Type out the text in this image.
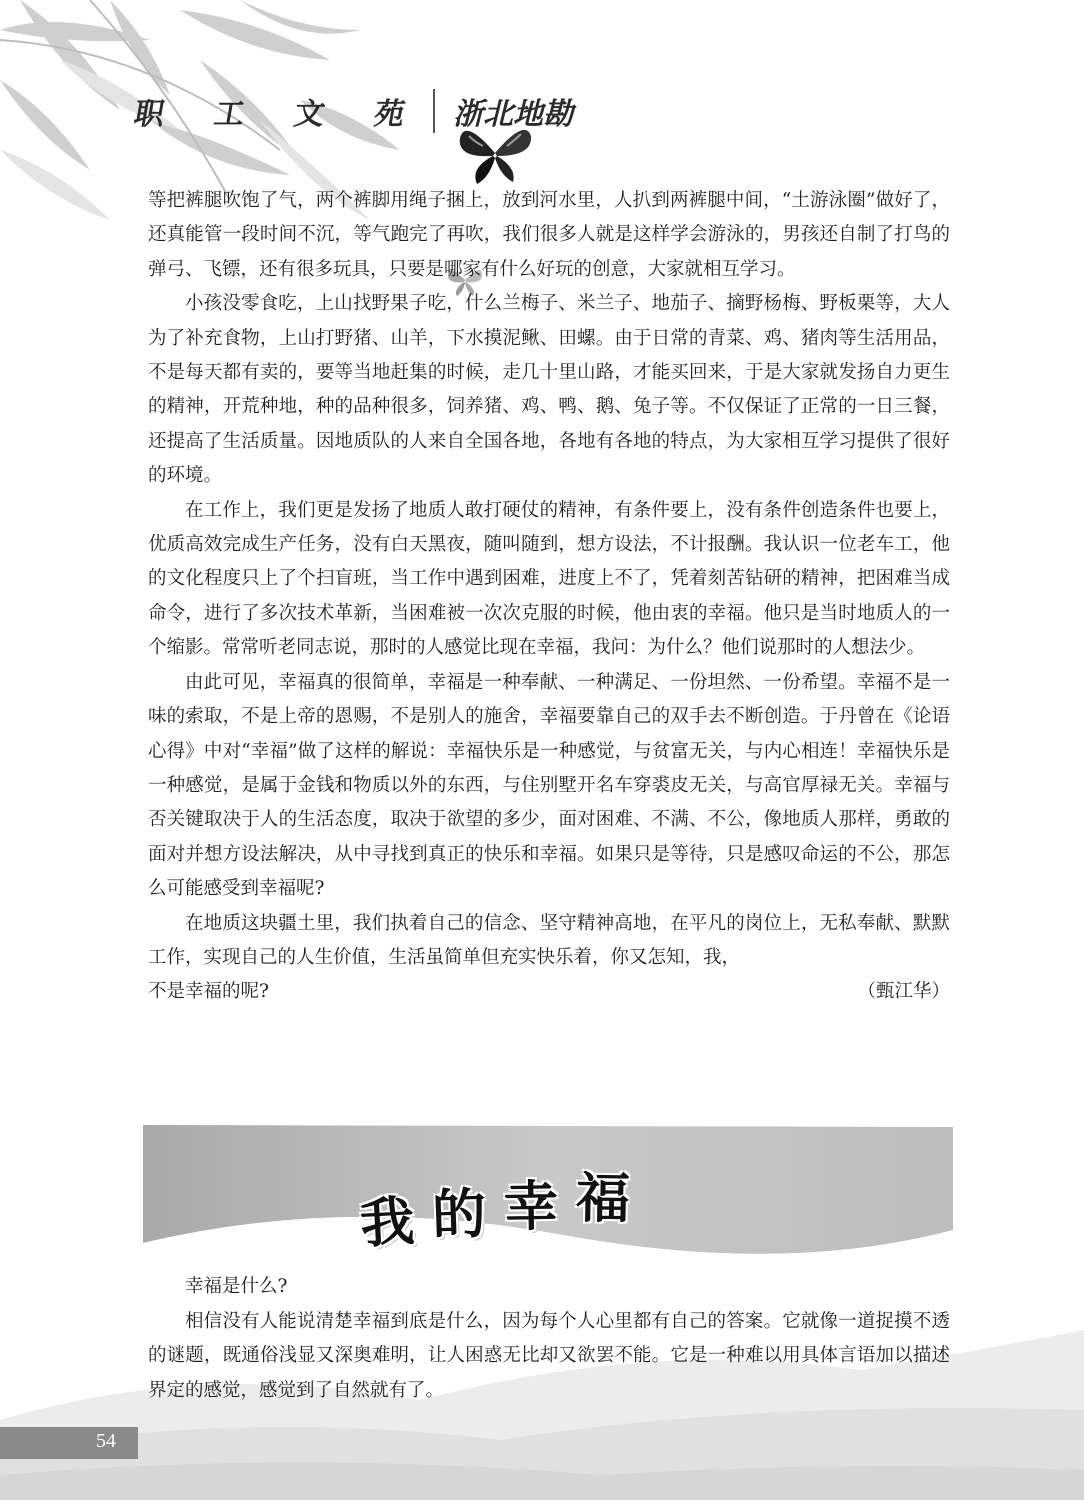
职 工 文 苑 浙北地勘

等把裤腿吹饱了气，两个裤脚用绳子捆上，放到河水里，人扒到两裤腿中间，“土游泳圈”做好了，还真能管一段时间不沉，等气跑完了再吹，我们很多人就是这样学会游泳的，男孩还自制了打鸟的弹弓、飞镖，还有很多玩具，只要是哪家有什么好玩的创意，大家就相互学习。

小孩没零食吃，上山找野果子吃，什么兰梅子、米兰子、地茄子、摘野杨梅、野板栗等，大人为了补充食物，上山打野猪、山羊，下水摸泥鳅、田螺。由于日常的青菜、鸡、猪肉等生活用品，不是每天都有卖的，要等当地赶集的时候，走几十里山路，才能买回来，于是大家就发扬自力更生的精神，开荒种地，种的品种很多，饲养猪、鸡、鸭、鹅、兔子等。不仅保证了正常的一日三餐，还提高了生活质量。因地质队的人来自全国各地，各地有各地的特点，为大家相互学习提供了很好的环境。

在工作上，我们更是发扬了地质人敢打硬仗的精神，有条件要上，没有条件创造条件也要上，优质高效完成生产任务，没有白天黑夜，随叫随到，想方设法，不计报酬。我认识一位老车工，他的文化程度只上了个扫盲班，当工作中遇到困难，进度上不了，凭着刻苦钻研的精神，把困难当成命令，进行了多次技术革新，当困难被一次次克服的时候，他由衷的幸福。他只是当时地质人的一个缩影。常常听老同志说，那时的人感觉比现在幸福，我问：为什么？他们说那时的人想法少。

由此可见，幸福真的很简单，幸福是一种奉献、一种满足、一份坦然、一份希望。幸福不是一味的索取，不是上帝的恩赐，不是别人的施舍，幸福要靠自己的双手去不断创造。于丹曾在《论语心得》中对“幸福”做了这样的解说：幸福快乐是一种感觉，与贫富无关，与内心相连！幸福快乐是一种感觉，是属于金钱和物质以外的东西，与住别墅开名车穿裘皮无关，与高官厚禄无关。幸福与否关键取决于人的生活态度，取决于欲望的多少，面对困难、不满、不公，像地质人那样，勇敢的面对并想方设法解决，从中寻找到真正的快乐和幸福。如果只是等待，只是感叹命运的不公，那怎么可能感受到幸福呢?

在地质这块疆土里，我们执着自己的信念、坚守精神高地，在平凡的岗位上，无私奉献、默默工作，实现自己的人生价值，生活虽简单但充实快乐着，你又怎知，我，

不是幸福的呢?	（甄江华）
我 的 幸 福

幸福是什么?

相信没有人能说清楚幸福到底是什么，因为每个人心里都有自己的答案。它就像一道捉摸不透的谜题，既通俗浅显又深奥难明，让人困惑无比却又欲罢不能。它是一种难以用具体言语加以描述界定的感觉，感觉到了自然就有了。

54
